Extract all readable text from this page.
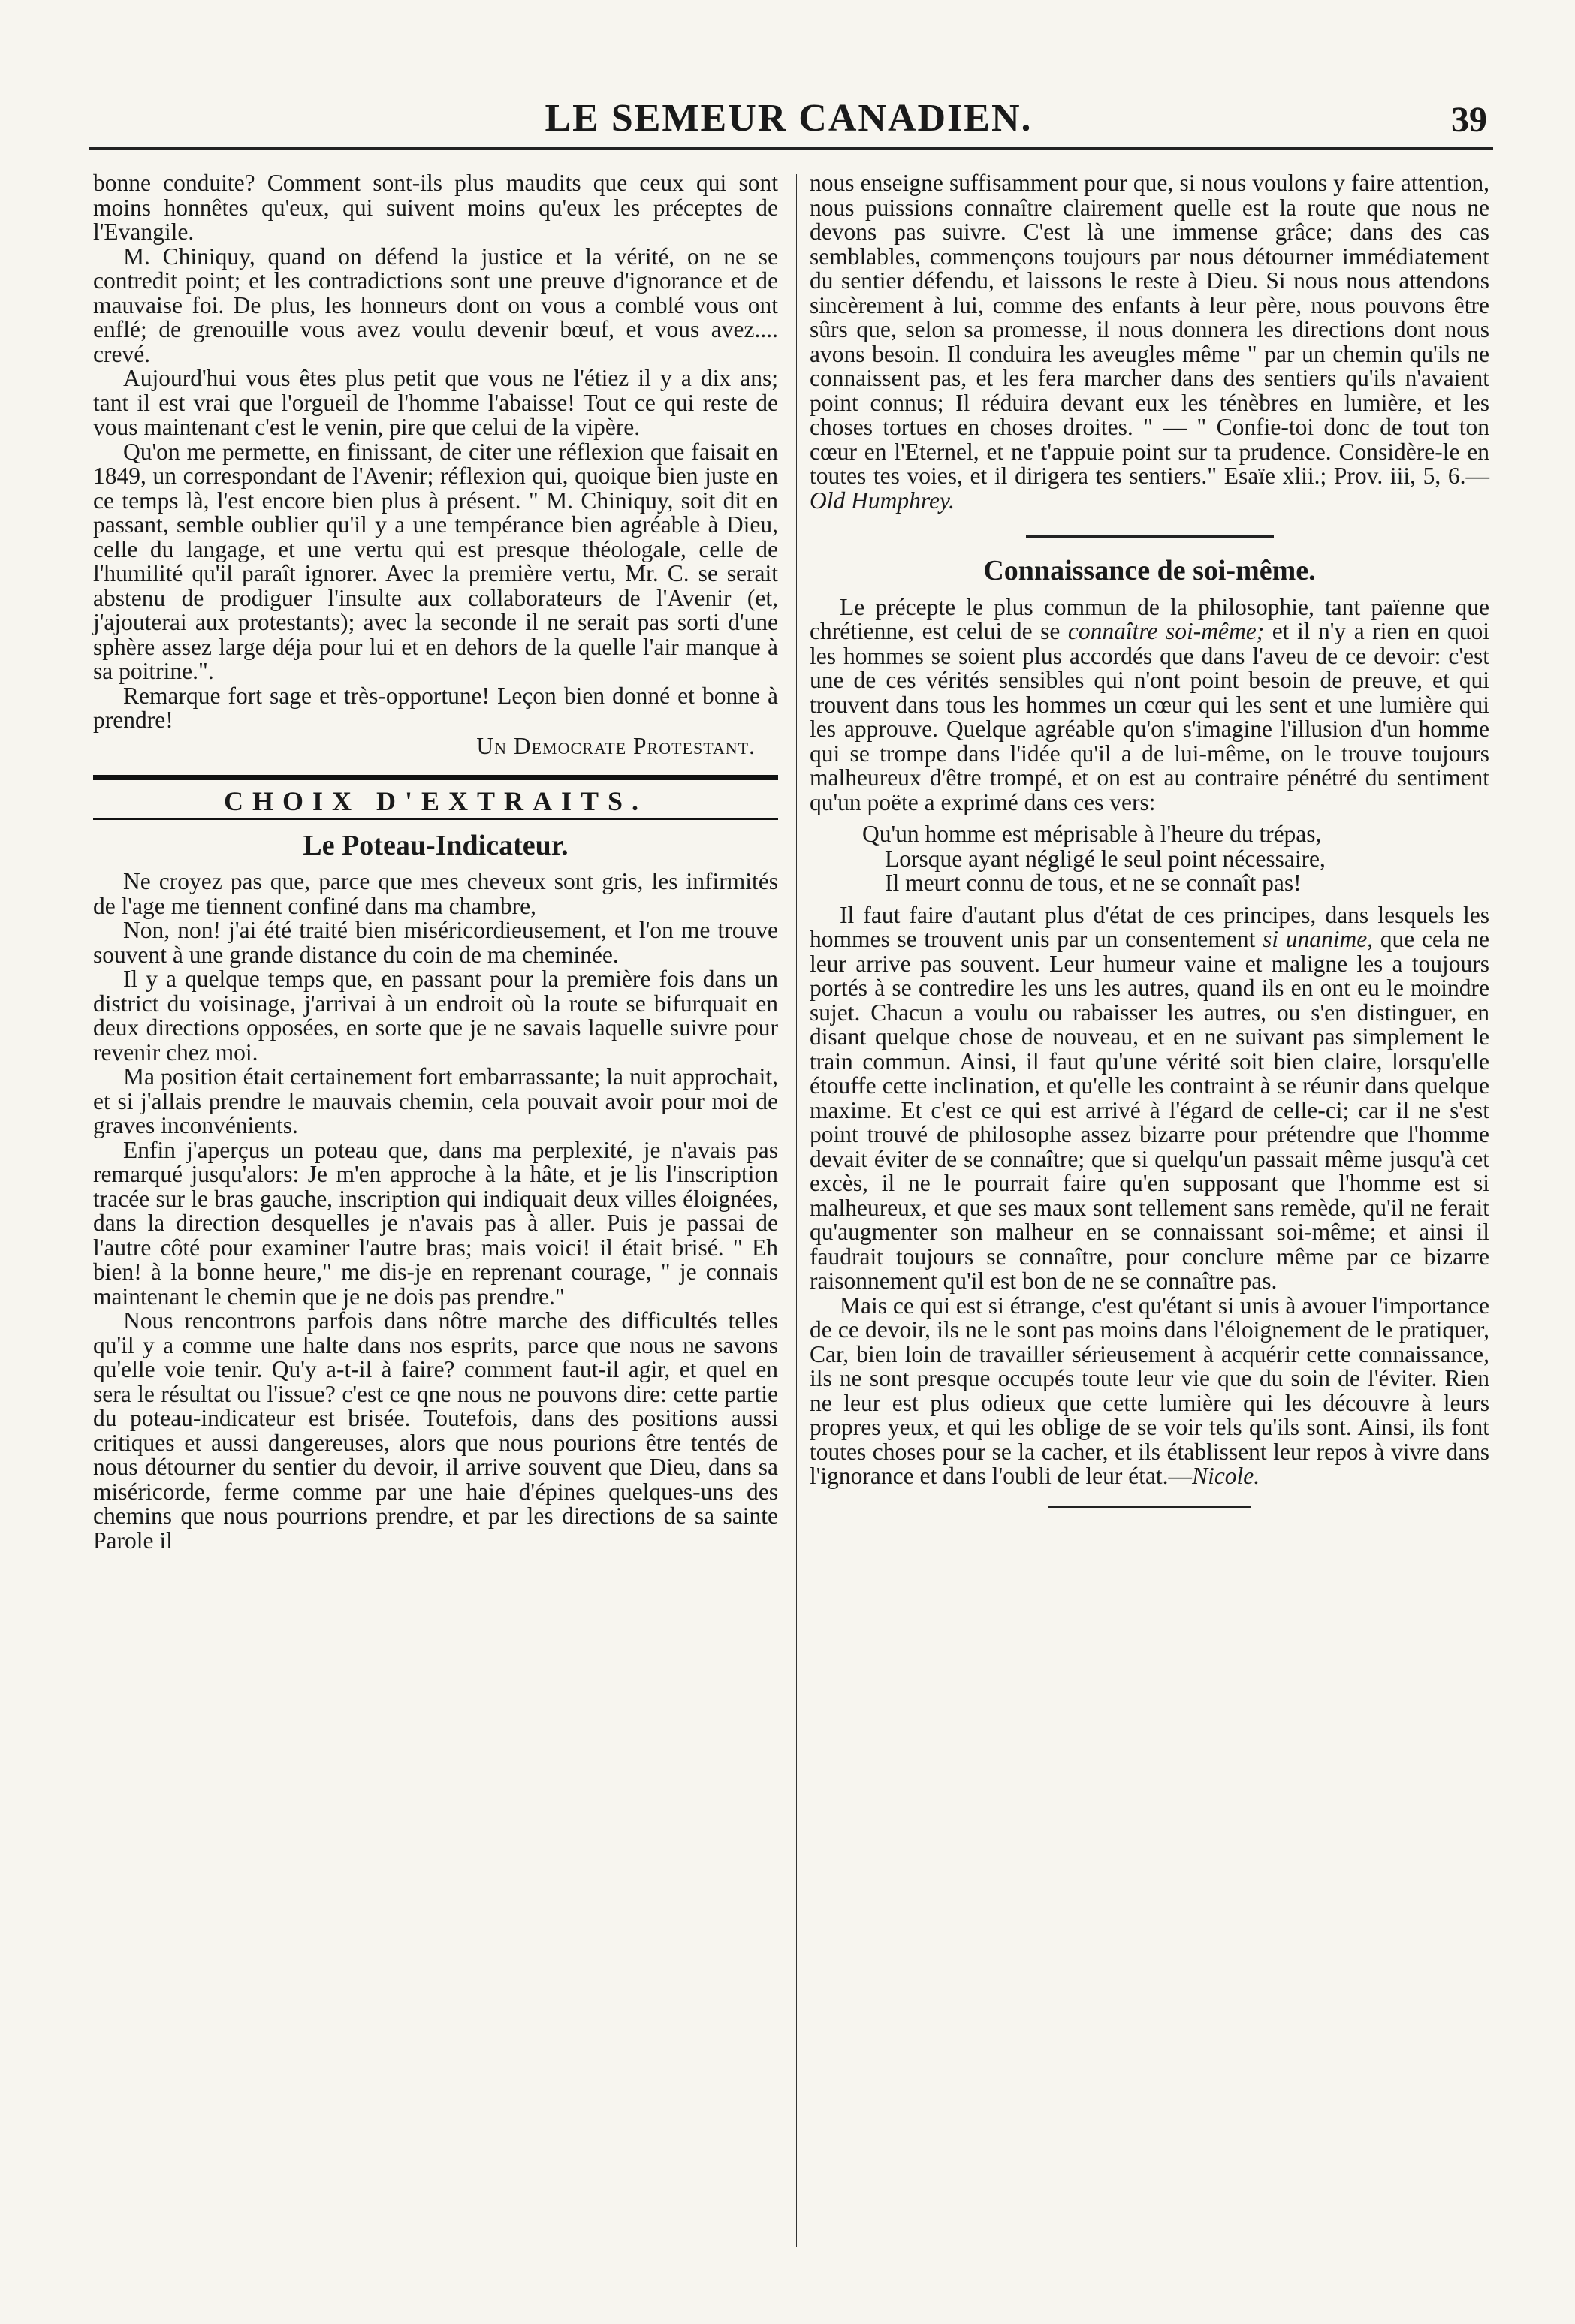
LE SEMEUR CANADIEN.	39

bonne conduite? Comment sont-ils plus maudits que ceux qui sont moins honnêtes qu'eux, qui suivent moins qu'eux les préceptes de l'Evangile.

M. Chiniquy, quand on défend la justice et la vérité, on ne se contredit point; et les contradictions sont une preuve d'ignorance et de mauvaise foi. De plus, les honneurs dont on vous a comblé vous ont enflé; de grenouille vous avez voulu devenir bœuf, et vous avez.... crevé.

Aujourd'hui vous êtes plus petit que vous ne l'étiez il y a dix ans; tant il est vrai que l'orgueil de l'homme l'abaisse! Tout ce qui reste de vous maintenant c'est le venin, pire que celui de la vipère.

Qu'on me permette, en finissant, de citer une réflexion que faisait en 1849, un correspondant de l'Avenir; réflexion qui, quoique bien juste en ce temps là, l'est encore bien plus à présent. " M. Chiniquy, soit dit en passant, semble oublier qu'il y a une tempérance bien agréable à Dieu, celle du langage, et une vertu qui est presque théologale, celle de l'humilité qu'il paraît ignorer. Avec la première vertu, Mr. C. se serait abstenu de prodiguer l'insulte aux collaborateurs de l'Avenir (et, j'ajouterai aux protestants); avec la seconde il ne serait pas sorti d'une sphère assez large déja pour lui et en dehors de la quelle l'air manque à sa poitrine.".

Remarque fort sage et très-opportune! Leçon bien donné et bonne à prendre!

Un Democrate Protestant.

CHOIX D'EXTRAITS.
Le Poteau-Indicateur.

Ne croyez pas que, parce que mes cheveux sont gris, les infirmités de l'age me tiennent confiné dans ma chambre,

Non, non! j'ai été traité bien miséricordieusement, et l'on me trouve souvent à une grande distance du coin de ma cheminée.

Il y a quelque temps que, en passant pour la première fois dans un district du voisinage, j'arrivai à un endroit où la route se bifurquait en deux directions opposées, en sorte que je ne savais laquelle suivre pour revenir chez moi.

Ma position était certainement fort embarrassante; la nuit approchait, et si j'allais prendre le mauvais chemin, cela pouvait avoir pour moi de graves inconvénients.

Enfin j'aperçus un poteau que, dans ma perplexité, je n'avais pas remarqué jusqu'alors: Je m'en approche à la hâte, et je lis l'inscription tracée sur le bras gauche, inscription qui indiquait deux villes éloignées, dans la direction desquelles je n'avais pas à aller. Puis je passai de l'autre côté pour examiner l'autre bras; mais voici! il était brisé. " Eh bien! à la bonne heure," me dis-je en reprenant courage, " je connais maintenant le chemin que je ne dois pas prendre."

Nous rencontrons parfois dans nôtre marche des difficultés telles qu'il y a comme une halte dans nos esprits, parce que nous ne savons qu'elle voie tenir. Qu'y a-t-il à faire? comment faut-il agir, et quel en sera le résultat ou l'issue? c'est ce qne nous ne pouvons dire: cette partie du poteau-indicateur est brisée. Toutefois, dans des positions aussi critiques et aussi dangereuses, alors que nous pourions être tentés de nous détourner du sentier du devoir, il arrive souvent que Dieu, dans sa miséricorde, ferme comme par une haie d'épines quelques-uns des chemins que nous pourrions prendre, et par les directions de sa sainte Parole il

nous enseigne suffisamment pour que, si nous voulons y faire attention, nous puissions connaître clairement quelle est la route que nous ne devons pas suivre. C'est là une immense grâce; dans des cas semblables, commençons toujours par nous détourner immédiatement du sentier défendu, et laissons le reste à Dieu. Si nous nous attendons sincèrement à lui, comme des enfants à leur père, nous pouvons être sûrs que, selon sa promesse, il nous donnera les directions dont nous avons besoin. Il conduira les aveugles même " par un chemin qu'ils ne connaissent pas, et les fera marcher dans des sentiers qu'ils n'avaient point connus; Il réduira devant eux les ténèbres en lumière, et les choses tortues en choses droites. " — " Confie-toi donc de tout ton cœur en l'Eternel, et ne t'appuie point sur ta prudence. Considère-le en toutes tes voies, et il dirigera tes sentiers." Esaïe xlii.; Prov. iii, 5, 6.—Old Humphrey.

Connaissance de soi-même.

Le précepte le plus commun de la philosophie, tant païenne que chrétienne, est celui de se connaître soi-même; et il n'y a rien en quoi les hommes se soient plus accordés que dans l'aveu de ce devoir: c'est une de ces vérités sensibles qui n'ont point besoin de preuve, et qui trouvent dans tous les hommes un cœur qui les sent et une lumière qui les approuve. Quelque agréable qu'on s'imagine l'illusion d'un homme qui se trompe dans l'idée qu'il a de lui-même, on le trouve toujours malheureux d'être trompé, et on est au contraire pénétré du sentiment qu'un poëte a exprimé dans ces vers:

Qu'un homme est méprisable à l'heure du trépas,
Lorsque ayant négligé le seul point nécessaire,
Il meurt connu de tous, et ne se connaît pas!

Il faut faire d'autant plus d'état de ces principes, dans lesquels les hommes se trouvent unis par un consentement si unanime, que cela ne leur arrive pas souvent. Leur humeur vaine et maligne les a toujours portés à se contredire les uns les autres, quand ils en ont eu le moindre sujet. Chacun a voulu ou rabaisser les autres, ou s'en distinguer, en disant quelque chose de nouveau, et en ne suivant pas simplement le train commun. Ainsi, il faut qu'une vérité soit bien claire, lorsqu'elle étouffe cette inclination, et qu'elle les contraint à se réunir dans quelque maxime. Et c'est ce qui est arrivé à l'égard de celle-ci; car il ne s'est point trouvé de philosophe assez bizarre pour prétendre que l'homme devait éviter de se connaître; que si quelqu'un passait même jusqu'à cet excès, il ne le pourrait faire qu'en supposant que l'homme est si malheureux, et que ses maux sont tellement sans remède, qu'il ne ferait qu'augmenter son malheur en se connaissant soi-même; et ainsi il faudrait toujours se connaître, pour conclure même par ce bizarre raisonnement qu'il est bon de ne se connaître pas.

Mais ce qui est si étrange, c'est qu'étant si unis à avouer l'importance de ce devoir, ils ne le sont pas moins dans l'éloignement de le pratiquer, Car, bien loin de travailler sérieusement à acquérir cette connaissance, ils ne sont presque occupés toute leur vie que du soin de l'éviter. Rien ne leur est plus odieux que cette lumière qui les découvre à leurs propres yeux, et qui les oblige de se voir tels qu'ils sont. Ainsi, ils font toutes choses pour se la cacher, et ils établissent leur repos à vivre dans l'ignorance et dans l'oubli de leur état.—Nicole.
